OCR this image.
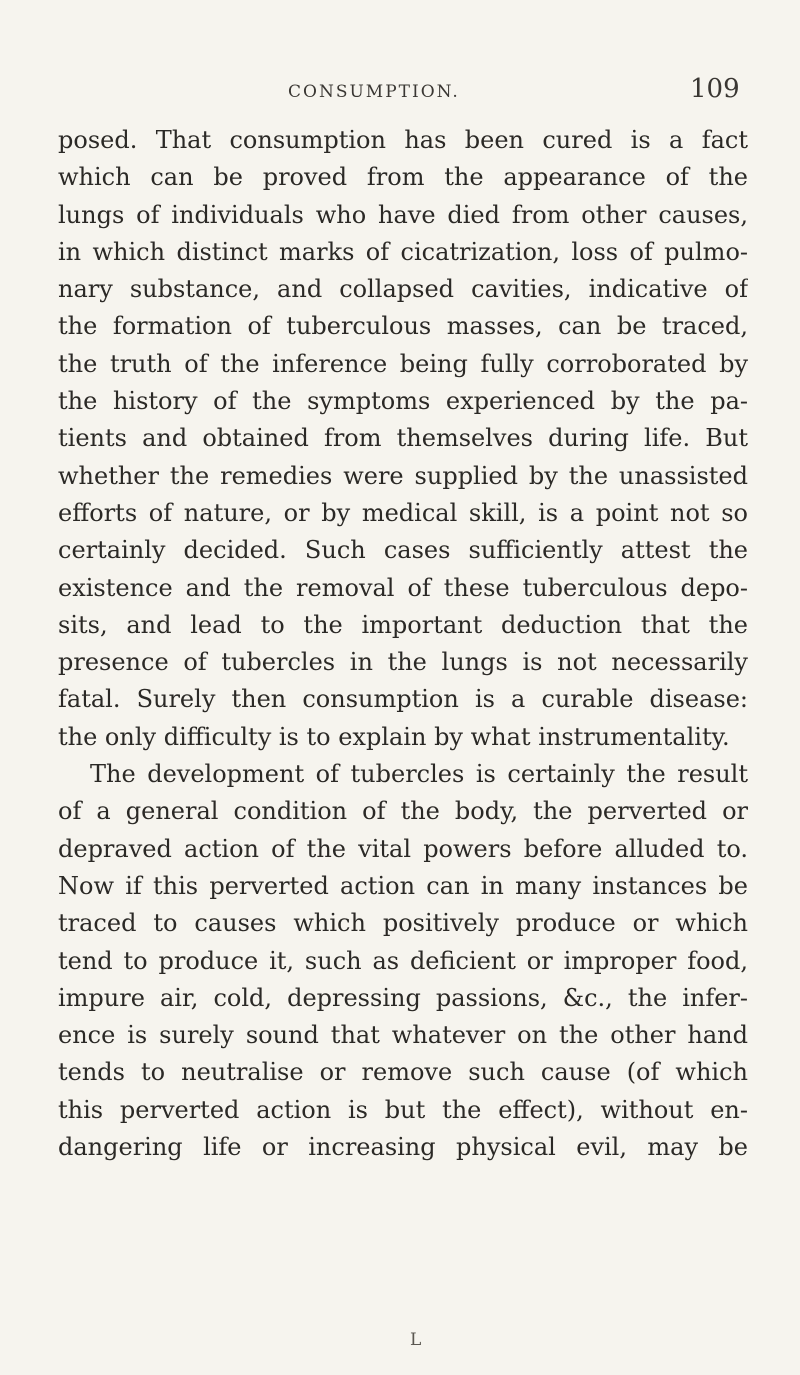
CONSUMPTION.	109
posed. That consumption has been cured is a fact
which can be proved from the appearance of the
lungs of individuals who have died from other causes,
in which distinct marks of cicatrization, loss of pulmo-
nary substance, and collapsed cavities, indicative of
the formation of tuberculous masses, can be traced,
the truth of the inference being fully corroborated by
the history of the symptoms experienced by the pa-
tients and obtained from themselves during life. But
whether the remedies were supplied by the unassisted
efforts of nature, or by medical skill, is a point not so
certainly decided. Such cases sufficiently attest the
existence and the removal of these tuberculous depo-
sits, and lead to the important deduction that the
presence of tubercles in the lungs is not necessarily
fatal. Surely then consumption is a curable disease:
the only difficulty is to explain by what instrumentality.
The development of tubercles is certainly the result
of a general condition of the body, the perverted or
depraved action of the vital powers before alluded to.
Now if this perverted action can in many instances be
traced to causes which positively produce or which
tend to produce it, such as deficient or improper food,
impure air, cold, depressing passions, &c., the infer-
ence is surely sound that whatever on the other hand
tends to neutralise or remove such cause (of which
this perverted action is but the effect), without en-
dangering life or increasing physical evil, may be
L
